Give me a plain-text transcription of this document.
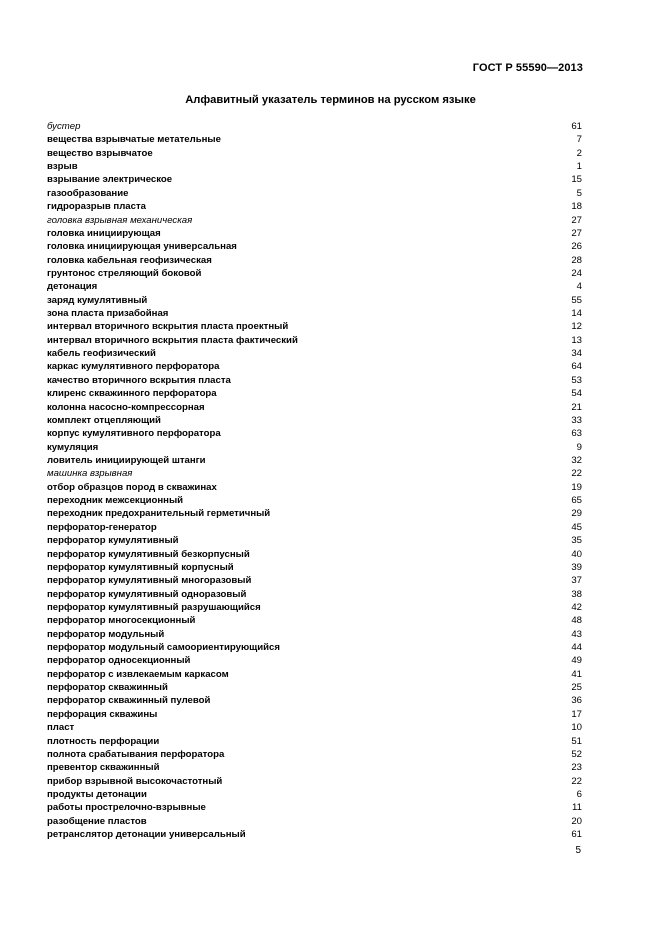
ГОСТ Р 55590—2013
Алфавитный указатель терминов на русском языке
бустер	61
вещества взрывчатые метательные	7
вещество взрывчатое	2
взрыв	1
взрывание электрическое	15
газообразование	5
гидроразрыв пласта	18
головка взрывная механическая	27
головка инициирующая	27
головка инициирующая универсальная	26
головка кабельная геофизическая	28
грунтонос стреляющий боковой	24
детонация	4
заряд кумулятивный	55
зона пласта призабойная	14
интервал вторичного вскрытия пласта проектный	12
интервал вторичного вскрытия пласта фактический	13
кабель геофизический	34
каркас кумулятивного перфоратора	64
качество вторичного вскрытия пласта	53
клиренс скважинного перфоратора	54
колонна насосно-компрессорная	21
комплект отцепляющий	33
корпус кумулятивного перфоратора	63
кумуляция	9
ловитель инициирующей штанги	32
машинка взрывная	22
отбор образцов пород в скважинах	19
переходник межсекционный	65
переходник предохранительный герметичный	29
перфоратор-генератор	45
перфоратор кумулятивный	35
перфоратор кумулятивный безкорпусный	40
перфоратор кумулятивный корпусный	39
перфоратор кумулятивный многоразовый	37
перфоратор кумулятивный одноразовый	38
перфоратор кумулятивный разрушающийся	42
перфоратор многосекционный	48
перфоратор модульный	43
перфоратор модульный самоориентирующийся	44
перфоратор односекционный	49
перфоратор с извлекаемым каркасом	41
перфоратор скважинный	25
перфоратор скважинный пулевой	36
перфорация скважины	17
пласт	10
плотность перфорации	51
полнота срабатывания перфоратора	52
превентор скважинный	23
прибор взрывной высокочастотный	22
продукты детонации	6
работы прострелочно-взрывные	11
разобщение пластов	20
ретранслятор детонации универсальный	61
5
